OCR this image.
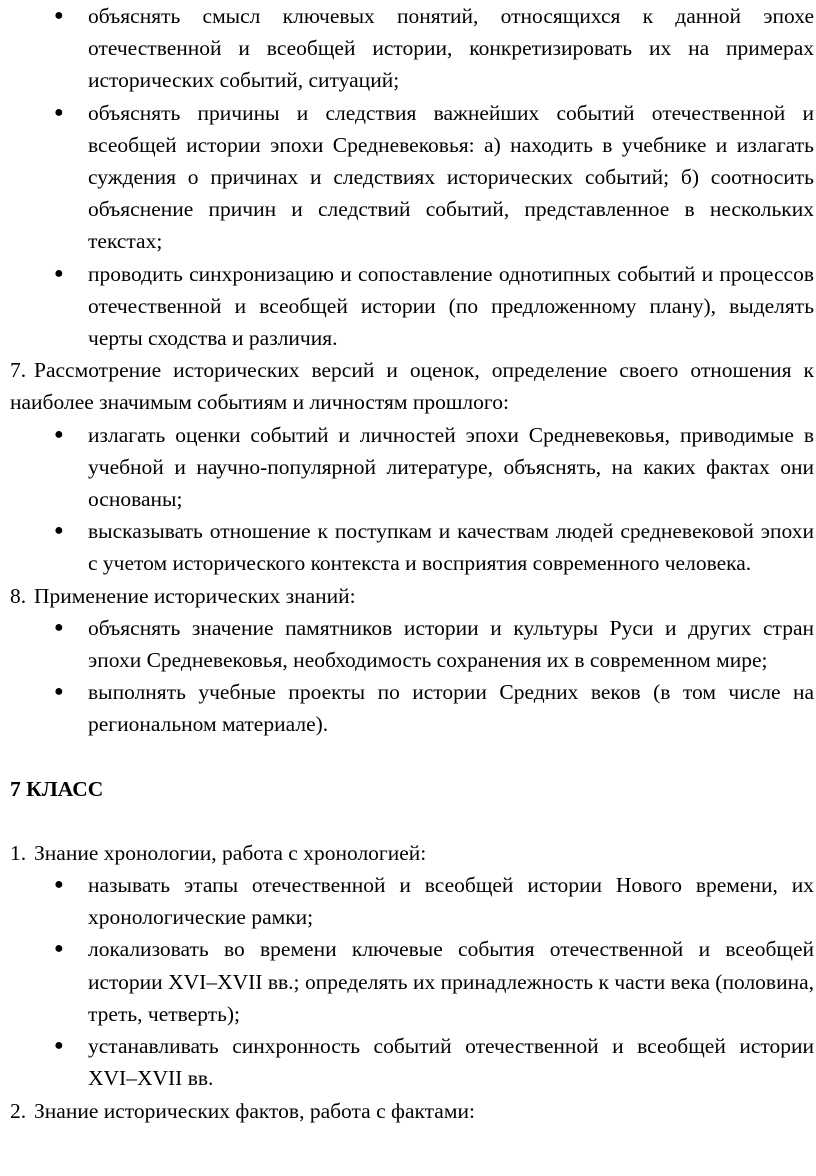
● объяснять смысл ключевых понятий, относящихся к данной эпохе отечественной и всеобщей истории, конкретизировать их на примерах исторических событий, ситуаций;
● объяснять причины и следствия важнейших событий отечественной и всеобщей истории эпохи Средневековья: а) находить в учебнике и излагать суждения о причинах и следствиях исторических событий; б) соотносить объяснение причин и следствий событий, представленное в нескольких текстах;
● проводить синхронизацию и сопоставление однотипных событий и процессов отечественной и всеобщей истории (по предложенному плану), выделять черты сходства и различия.
7. Рассмотрение исторических версий и оценок, определение своего отношения к наиболее значимым событиям и личностям прошлого:
● излагать оценки событий и личностей эпохи Средневековья, приводимые в учебной и научно-популярной литературе, объяснять, на каких фактах они основаны;
● высказывать отношение к поступкам и качествам людей средневековой эпохи с учетом исторического контекста и восприятия современного человека.
8. Применение исторических знаний:
● объяснять значение памятников истории и культуры Руси и других стран эпохи Средневековья, необходимость сохранения их в современном мире;
● выполнять учебные проекты по истории Средних веков (в том числе на региональном материале).
7 КЛАСС
1. Знание хронологии, работа с хронологией:
● называть этапы отечественной и всеобщей истории Нового времени, их хронологические рамки;
● локализовать во времени ключевые события отечественной и всеобщей истории XVI–XVII вв.; определять их принадлежность к части века (половина, треть, четверть);
● устанавливать синхронность событий отечественной и всеобщей истории XVI–XVII вв.
2. Знание исторических фактов, работа с фактами:
